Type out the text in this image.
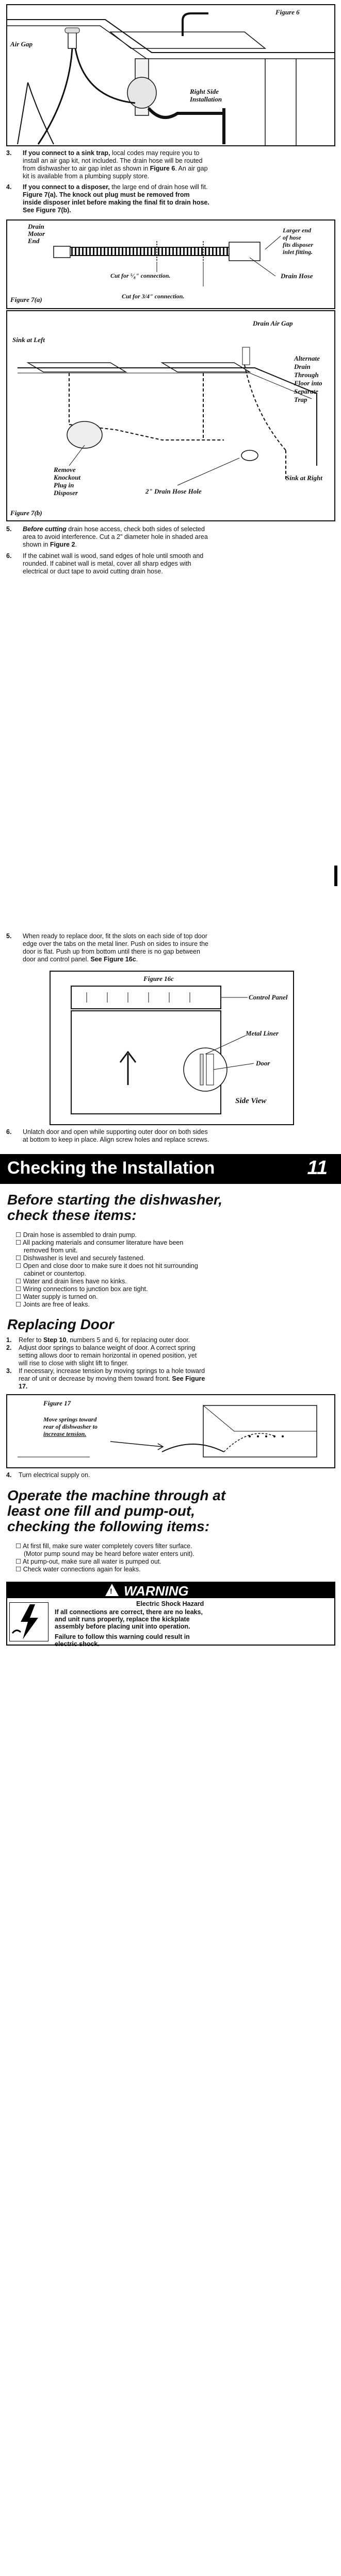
Figure 6
Air Gap
Right Side
Installation
3. If you connect to a sink trap, local codes may require you to
install an air gap kit, not included. The drain hose will be routed
from dishwasher to air gap inlet as shown in Figure 6. An air gap
kit is available from a plumbing supply store.
4. If you connect to a disposer, the large end of drain hose will fit.
Figure 7(a). The knock out plug must be removed from
inside disposer inlet before making the final fit to drain hose.
See Figure 7(b).
Drain
Motor
End
Cut for ⁵⁄₈" connection.
Cut for 3/4" connection.
Larger end
of hose
fits disposer
inlet fitting.
Drain Hose
Figure 7(a)
Sink at Left
Drain Air Gap
Alternate
Drain
Through
Floor into
Separate
Trap
Sink at Right
Remove
Knockout
Plug in
Disposer	2" Drain Hose Hole
Figure 7(b)
5. Before cutting drain hose access, check both sides of selected
area to avoid interference. Cut a 2" diameter hole in shaded area
shown in Figure 2.
6. If the cabinet wall is wood, sand edges of hole until smooth and
rounded. If cabinet wall is metal, cover all sharp edges with
electrical or duct tape to avoid cutting drain hose.
5. When ready to replace door, fit the slots on each side of top door
edge over the tabs on the metal liner. Push on sides to insure the
door is flat. Push up from bottom until there is no gap between
door and control panel. See Figure 16c.
Figure 16c
Control Panel
Metal Liner
Door
Side View
6. Unlatch door and open while supporting outer door on both sides
at bottom to keep in place. Align screw holes and replace screws.
Checking the Installation	11
Before starting the dishwasher,
check these items:
☐ Drain hose is assembled to drain pump.
☐ All packing materials and consumer literature have been
removed from unit.
☐ Dishwasher is level and securely fastened.
☐ Open and close door to make sure it does not hit surrounding
cabinet or countertop.
☐ Water and drain lines have no kinks.
☐ Wiring connections to junction box are tight.
☐ Water supply is turned on.
☐ Joints are free of leaks.
Replacing Door
1. Refer to Step 10, numbers 5 and 6, for replacing outer door.
2. Adjust door springs to balance weight of door. A correct spring
setting allows door to remain horizontal in opened position, yet
will rise to close with slight lift to finger.
3. If necessary, increase tension by moving springs to a hole toward
rear of unit or decrease by moving them toward front. See Figure
17.
Figure 17
Move springs toward
rear of dishwasher to
increase tension.
4. Turn electrical supply on.
Operate the machine through at
least one fill and pump-out,
checking the following items:
☐ At first fill, make sure water completely covers filter surface.
(Motor pump sound may be heard before water enters unit).
☐ At pump-out, make sure all water is pumped out.
☐ Check water connections again for leaks.
! WARNING
Electric Shock Hazard
If all connections are correct, there are no leaks,
and unit runs properly, replace the kickplate
assembly before placing unit into operation.
Failure to follow this warning could result in
electric shock.
